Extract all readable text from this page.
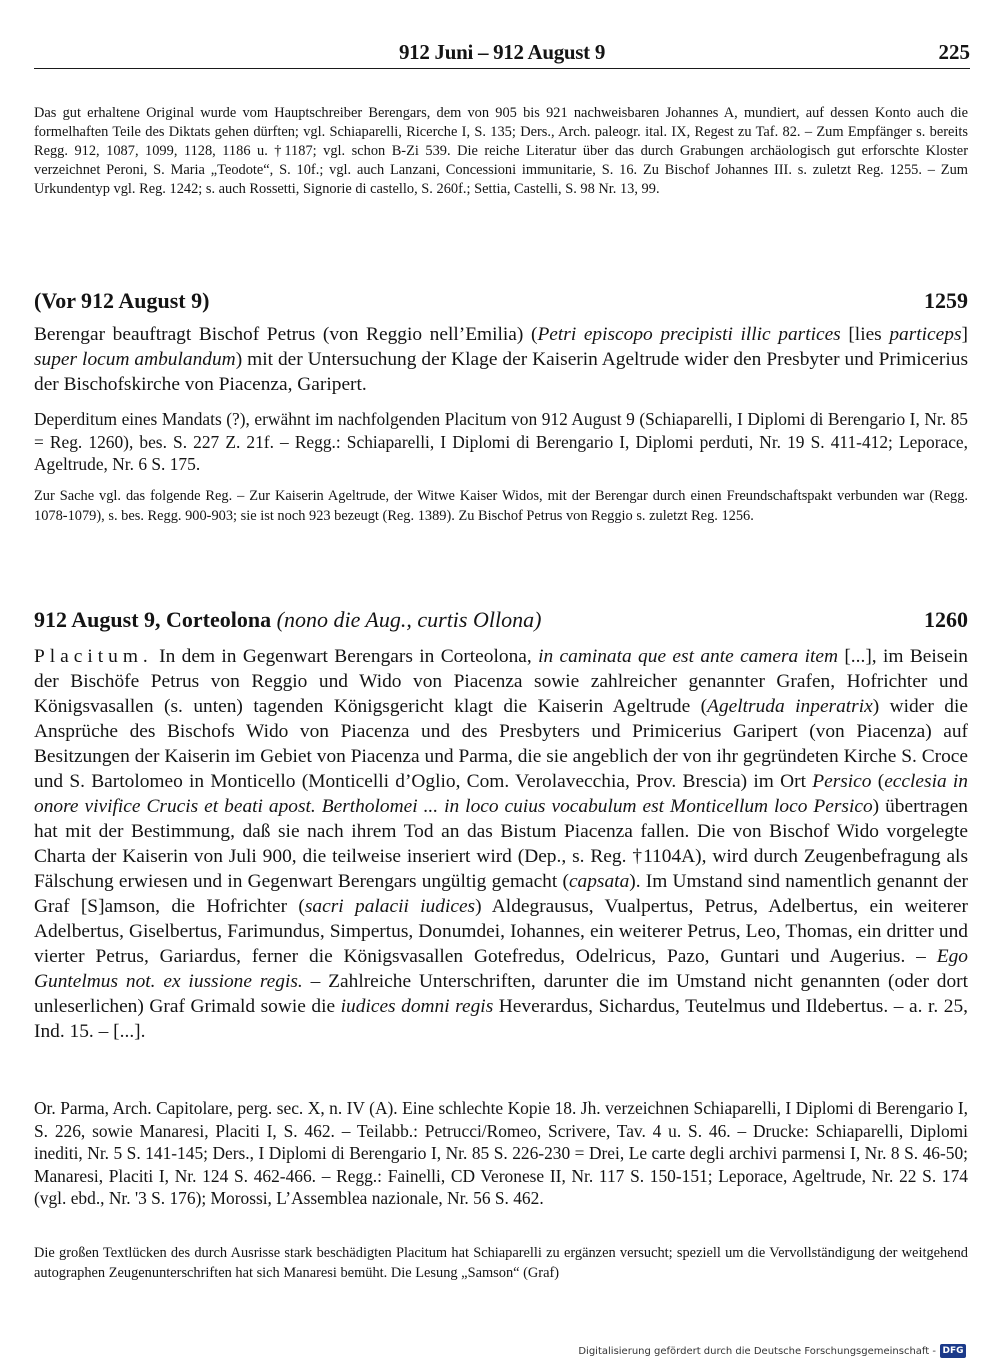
912 Juni – 912 August 9	225
Das gut erhaltene Original wurde vom Hauptschreiber Berengars, dem von 905 bis 921 nachweisbaren Johannes A, mundiert, auf dessen Konto auch die formelhaften Teile des Diktats gehen dürften; vgl. Schiaparelli, Ricerche I, S. 135; Ders., Arch. paleogr. ital. IX, Regest zu Taf. 82. – Zum Empfänger s. bereits Regg. 912, 1087, 1099, 1128, 1186 u. †1187; vgl. schon B-Zi 539. Die reiche Literatur über das durch Grabungen archäologisch gut erforschte Kloster verzeichnet Peroni, S. Maria „Teodote“, S. 10f.; vgl. auch Lanzani, Concessioni immunitarie, S. 16. Zu Bischof Johannes III. s. zuletzt Reg. 1255. – Zum Urkundentyp vgl. Reg. 1242; s. auch Rossetti, Signorie di castello, S. 260f.; Settia, Castelli, S. 98 Nr. 13, 99.
(Vor 912 August 9)	1259
Berengar beauftragt Bischof Petrus (von Reggio nell’Emilia) (Petri episcopo precipisti illic partices [lies particeps] super locum ambulandum) mit der Untersuchung der Klage der Kaiserin Ageltrude wider den Presbyter und Primicerius der Bischofskirche von Piacenza, Garipert.
Deperditum eines Mandats (?), erwähnt im nachfolgenden Placitum von 912 August 9 (Schiaparelli, I Diplomi di Berengario I, Nr. 85 = Reg. 1260), bes. S. 227 Z. 21f. – Regg.: Schiaparelli, I Diplomi di Berengario I, Diplomi perduti, Nr. 19 S. 411-412; Leporace, Ageltrude, Nr. 6 S. 175.
Zur Sache vgl. das folgende Reg. – Zur Kaiserin Ageltrude, der Witwe Kaiser Widos, mit der Berengar durch einen Freundschaftspakt verbunden war (Regg. 1078-1079), s. bes. Regg. 900-903; sie ist noch 923 bezeugt (Reg. 1389). Zu Bischof Petrus von Reggio s. zuletzt Reg. 1256.
912 August 9, Corteolona (nono die Aug., curtis Ollona)	1260
Placitum. In dem in Gegenwart Berengars in Corteolona, in caminata que est ante camera item [...], im Beisein der Bischöfe Petrus von Reggio und Wido von Piacenza sowie zahlreicher genannter Grafen, Hofrichter und Königsvasallen (s. unten) tagenden Königsgericht klagt die Kaiserin Ageltrude (Ageltruda inperatrix) wider die Ansprüche des Bischofs Wido von Piacenza und des Presbyters und Primicerius Garipert (von Piacenza) auf Besitzungen der Kaiserin im Gebiet von Piacenza und Parma, die sie angeblich der von ihr gegründeten Kirche S. Croce und S. Bartolomeo in Monticello (Monticelli d’Oglio, Com. Verolavecchia, Prov. Brescia) im Ort Persico (ecclesia in onore vivifice Crucis et beati apost. Bertholomei ... in loco cuius vocabulum est Monticellum loco Persico) übertragen hat mit der Bestimmung, daß sie nach ihrem Tod an das Bistum Piacenza fallen. Die von Bischof Wido vorgelegte Charta der Kaiserin von Juli 900, die teilweise inseriert wird (Dep., s. Reg. †1104A), wird durch Zeugenbefragung als Fälschung erwiesen und in Gegenwart Berengars ungültig gemacht (capsata). Im Umstand sind namentlich genannt der Graf [S]amson, die Hofrichter (sacri palacii iudices) Aldegrausus, Vualpertus, Petrus, Adelbertus, ein weiterer Adelbertus, Giselbertus, Farimundus, Simpertus, Donumdei, Iohannes, ein weiterer Petrus, Leo, Thomas, ein dritter und vierter Petrus, Gariardus, ferner die Königsvasallen Gotefredus, Odelricus, Pazo, Guntari und Augerius. – Ego Guntelmus not. ex iussione regis. – Zahlreiche Unterschriften, darunter die im Umstand nicht genannten (oder dort unleserlichen) Graf Grimald sowie die iudices domni regis Heverardus, Sichardus, Teutelmus und Ildebertus. – a. r. 25, Ind. 15. – [...].
Or. Parma, Arch. Capitolare, perg. sec. X, n. IV (A). Eine schlechte Kopie 18. Jh. verzeichnen Schiaparelli, I Diplomi di Berengario I, S. 226, sowie Manaresi, Placiti I, S. 462. – Teilabb.: Petrucci/Romeo, Scrivere, Tav. 4 u. S. 46. – Drucke: Schiaparelli, Diplomi inediti, Nr. 5 S. 141-145; Ders., I Diplomi di Berengario I, Nr. 85 S. 226-230 = Drei, Le carte degli archivi parmensi I, Nr. 8 S. 46-50; Manaresi, Placiti I, Nr. 124 S. 462-466. – Regg.: Fainelli, CD Veronese II, Nr. 117 S. 150-151; Leporace, Ageltrude, Nr. 22 S. 174 (vgl. ebd., Nr. '3 S. 176); Morossi, L’Assemblea nazionale, Nr. 56 S. 462.
Die großen Textlücken des durch Ausrisse stark beschädigten Placitum hat Schiaparelli zu ergänzen versucht; speziell um die Vervollständigung der weitgehend autographen Zeugenunterschriften hat sich Manaresi bemüht. Die Lesung „Samson“ (Graf)
Digitalisierung gefördert durch die Deutsche Forschungsgemeinschaft - DFG
